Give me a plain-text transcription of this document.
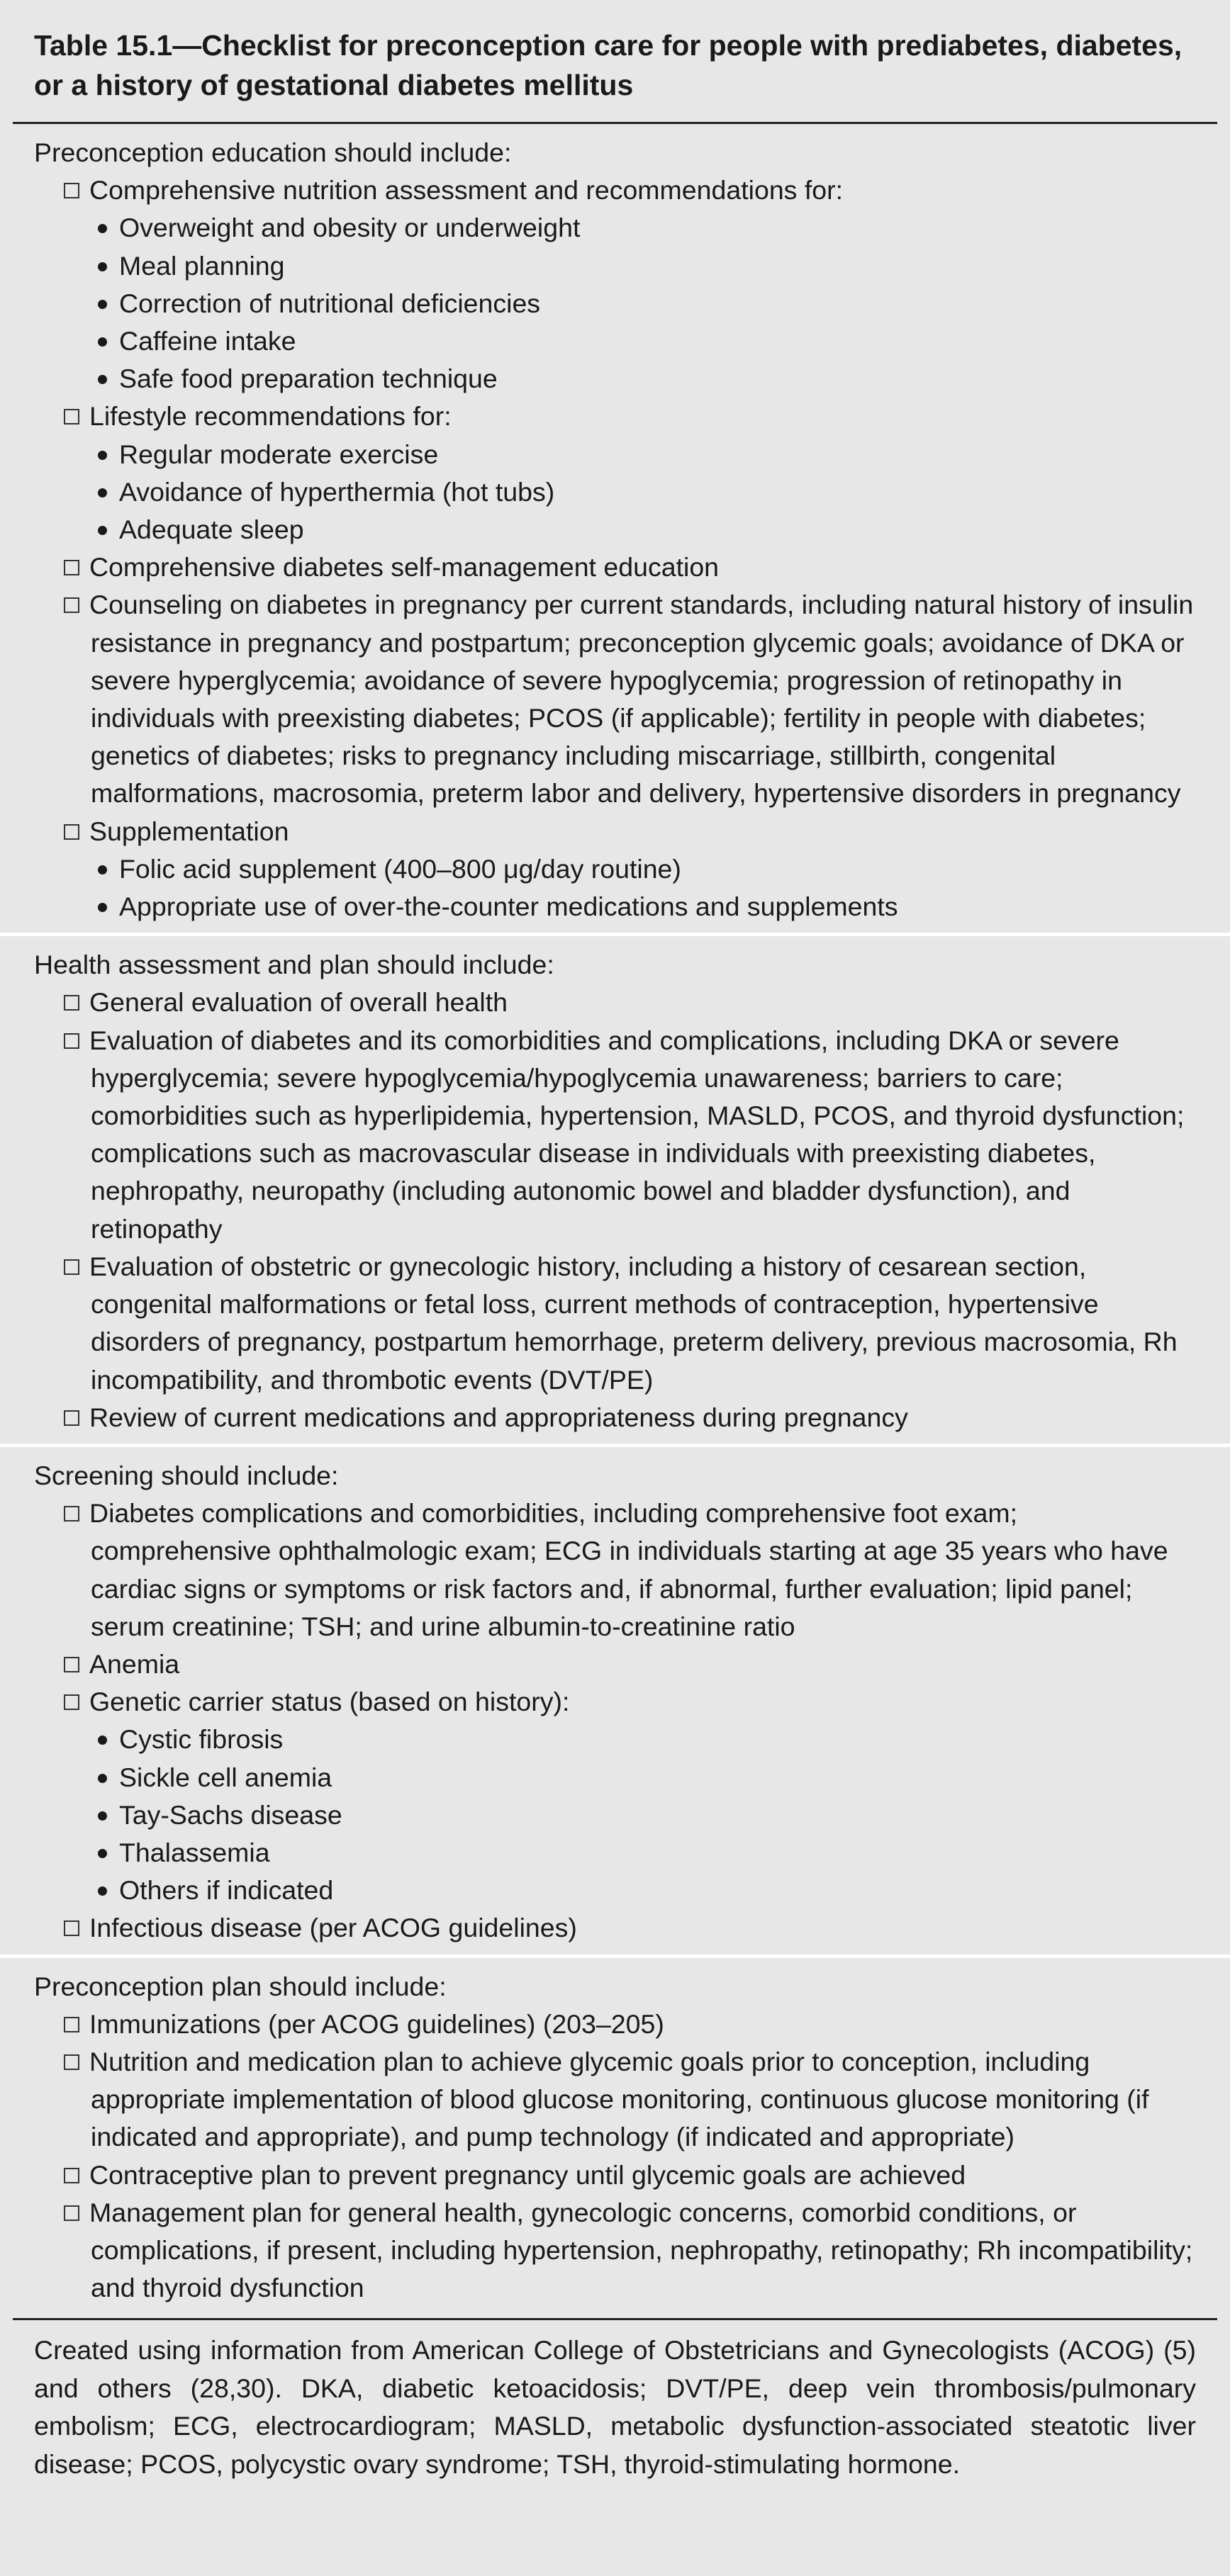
Table 15.1—Checklist for preconception care for people with prediabetes, diabetes, or a history of gestational diabetes mellitus
Preconception education should include:
Comprehensive nutrition assessment and recommendations for:
Overweight and obesity or underweight
Meal planning
Correction of nutritional deficiencies
Caffeine intake
Safe food preparation technique
Lifestyle recommendations for:
Regular moderate exercise
Avoidance of hyperthermia (hot tubs)
Adequate sleep
Comprehensive diabetes self-management education
Counseling on diabetes in pregnancy per current standards, including natural history of insulin resistance in pregnancy and postpartum; preconception glycemic goals; avoidance of DKA or severe hyperglycemia; avoidance of severe hypoglycemia; progression of retinopathy in individuals with preexisting diabetes; PCOS (if applicable); fertility in people with diabetes; genetics of diabetes; risks to pregnancy including miscarriage, stillbirth, congenital malformations, macrosomia, preterm labor and delivery, hypertensive disorders in pregnancy
Supplementation
Folic acid supplement (400–800 μg/day routine)
Appropriate use of over-the-counter medications and supplements
Health assessment and plan should include:
General evaluation of overall health
Evaluation of diabetes and its comorbidities and complications, including DKA or severe hyperglycemia; severe hypoglycemia/hypoglycemia unawareness; barriers to care; comorbidities such as hyperlipidemia, hypertension, MASLD, PCOS, and thyroid dysfunction; complications such as macrovascular disease in individuals with preexisting diabetes, nephropathy, neuropathy (including autonomic bowel and bladder dysfunction), and retinopathy
Evaluation of obstetric or gynecologic history, including a history of cesarean section, congenital malformations or fetal loss, current methods of contraception, hypertensive disorders of pregnancy, postpartum hemorrhage, preterm delivery, previous macrosomia, Rh incompatibility, and thrombotic events (DVT/PE)
Review of current medications and appropriateness during pregnancy
Screening should include:
Diabetes complications and comorbidities, including comprehensive foot exam; comprehensive ophthalmologic exam; ECG in individuals starting at age 35 years who have cardiac signs or symptoms or risk factors and, if abnormal, further evaluation; lipid panel; serum creatinine; TSH; and urine albumin-to-creatinine ratio
Anemia
Genetic carrier status (based on history):
Cystic fibrosis
Sickle cell anemia
Tay-Sachs disease
Thalassemia
Others if indicated
Infectious disease (per ACOG guidelines)
Preconception plan should include:
Immunizations (per ACOG guidelines) (203–205)
Nutrition and medication plan to achieve glycemic goals prior to conception, including appropriate implementation of blood glucose monitoring, continuous glucose monitoring (if indicated and appropriate), and pump technology (if indicated and appropriate)
Contraceptive plan to prevent pregnancy until glycemic goals are achieved
Management plan for general health, gynecologic concerns, comorbid conditions, or complications, if present, including hypertension, nephropathy, retinopathy; Rh incompatibility; and thyroid dysfunction
Created using information from American College of Obstetricians and Gynecologists (ACOG) (5) and others (28,30). DKA, diabetic ketoacidosis; DVT/PE, deep vein thrombosis/pulmonary embolism; ECG, electrocardiogram; MASLD, metabolic dysfunction-associated steatotic liver disease; PCOS, polycystic ovary syndrome; TSH, thyroid-stimulating hormone.
